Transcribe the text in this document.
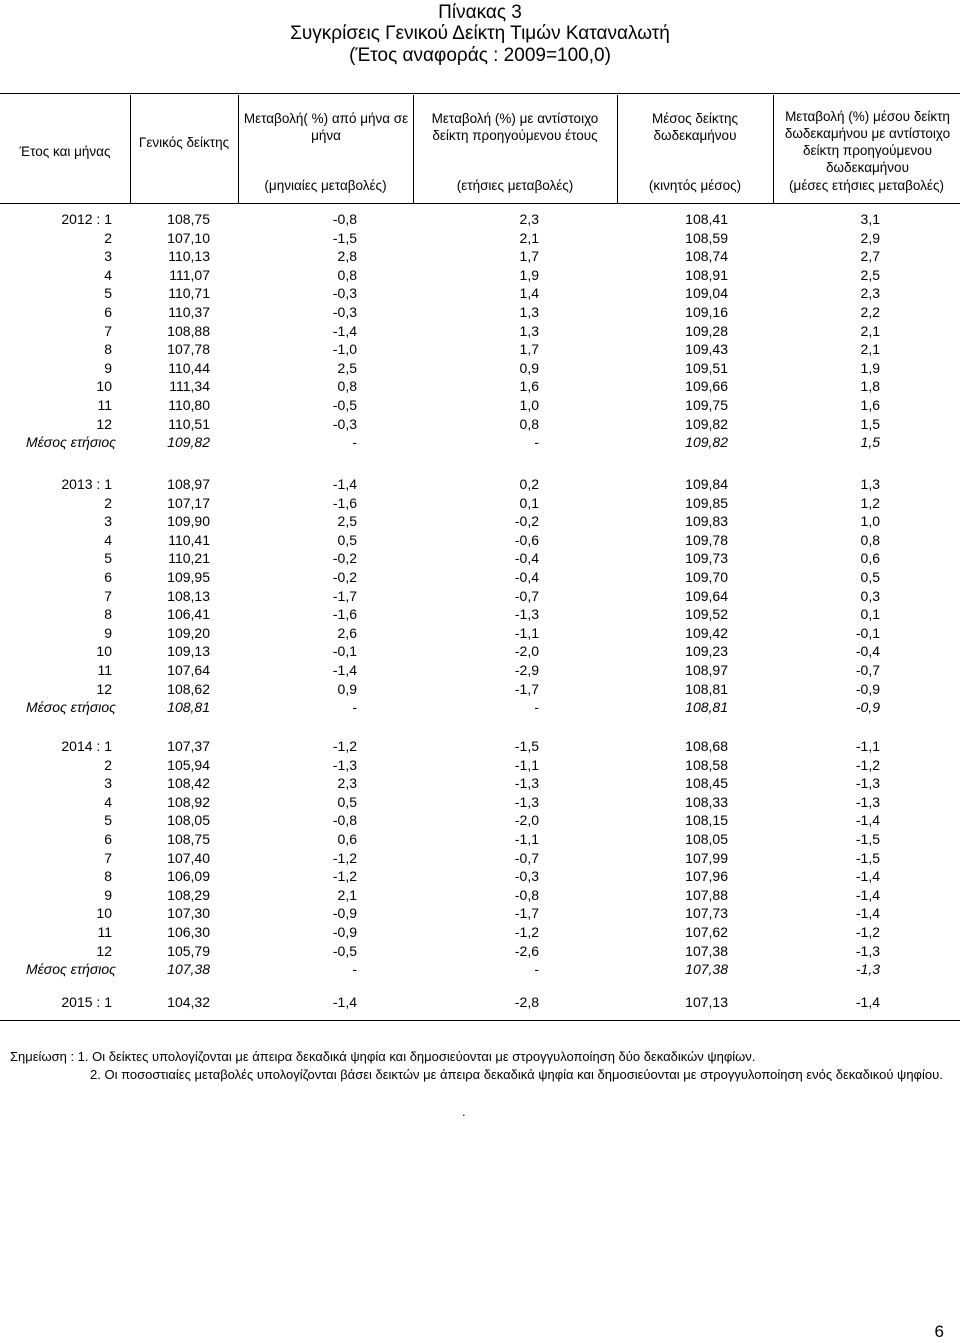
Πίνακας 3
Συγκρίσεις Γενικού Δείκτη Τιμών Καταναλωτή
(Έτος αναφοράς : 2009=100,0)
Έτος και μήνας
Γενικός δείκτης
Μεταβολή( %) από μήνα σε μήνα
(μηνιαίες μεταβολές)
Μεταβολή (%) με αντίστοιχο δείκτη προηγούμενου έτους
(ετήσιες μεταβολές)
Μέσος δείκτης δωδεκαμήνου
(κινητός μέσος)
Μεταβολή (%) μέσου δείκτη δωδεκαμήνου με αντίστοιχο δείκτη προηγούμενου δωδεκαμήνου
(μέσες ετήσιες μεταβολές)
2012 : 1	108,75	-0,8	2,3	108,41	3,1
2	107,10	-1,5	2,1	108,59	2,9
3	110,13	2,8	1,7	108,74	2,7
4	111,07	0,8	1,9	108,91	2,5
5	110,71	-0,3	1,4	109,04	2,3
6	110,37	-0,3	1,3	109,16	2,2
7	108,88	-1,4	1,3	109,28	2,1
8	107,78	-1,0	1,7	109,43	2,1
9	110,44	2,5	0,9	109,51	1,9
10	111,34	0,8	1,6	109,66	1,8
11	110,80	-0,5	1,0	109,75	1,6
12	110,51	-0,3	0,8	109,82	1,5
Μέσος ετήσιος	109,82	-	-	109,82	1,5
2013 : 1	108,97	-1,4	0,2	109,84	1,3
2	107,17	-1,6	0,1	109,85	1,2
3	109,90	2,5	-0,2	109,83	1,0
4	110,41	0,5	-0,6	109,78	0,8
5	110,21	-0,2	-0,4	109,73	0,6
6	109,95	-0,2	-0,4	109,70	0,5
7	108,13	-1,7	-0,7	109,64	0,3
8	106,41	-1,6	-1,3	109,52	0,1
9	109,20	2,6	-1,1	109,42	-0,1
10	109,13	-0,1	-2,0	109,23	-0,4
11	107,64	-1,4	-2,9	108,97	-0,7
12	108,62	0,9	-1,7	108,81	-0,9
Μέσος ετήσιος	108,81	-	-	108,81	-0,9
2014 : 1	107,37	-1,2	-1,5	108,68	-1,1
2	105,94	-1,3	-1,1	108,58	-1,2
3	108,42	2,3	-1,3	108,45	-1,3
4	108,92	0,5	-1,3	108,33	-1,3
5	108,05	-0,8	-2,0	108,15	-1,4
6	108,75	0,6	-1,1	108,05	-1,5
7	107,40	-1,2	-0,7	107,99	-1,5
8	106,09	-1,2	-0,3	107,96	-1,4
9	108,29	2,1	-0,8	107,88	-1,4
10	107,30	-0,9	-1,7	107,73	-1,4
11	106,30	-0,9	-1,2	107,62	-1,2
12	105,79	-0,5	-2,6	107,38	-1,3
Μέσος ετήσιος	107,38	-	-	107,38	-1,3
2015 : 1	104,32	-1,4	-2,8	107,13	-1,4
Σημείωση : 1. Οι δείκτες υπολογίζονται με άπειρα δεκαδικά ψηφία και δημοσιεύονται με στρογγυλοποίηση δύο δεκαδικών ψηφίων.
2. Οι ποσοστιαίες μεταβολές υπολογίζονται βάσει δεικτών με άπειρα δεκαδικά ψηφία και δημοσιεύονται με στρογγυλοποίηση ενός δεκαδικού ψηφίου.
.
6
